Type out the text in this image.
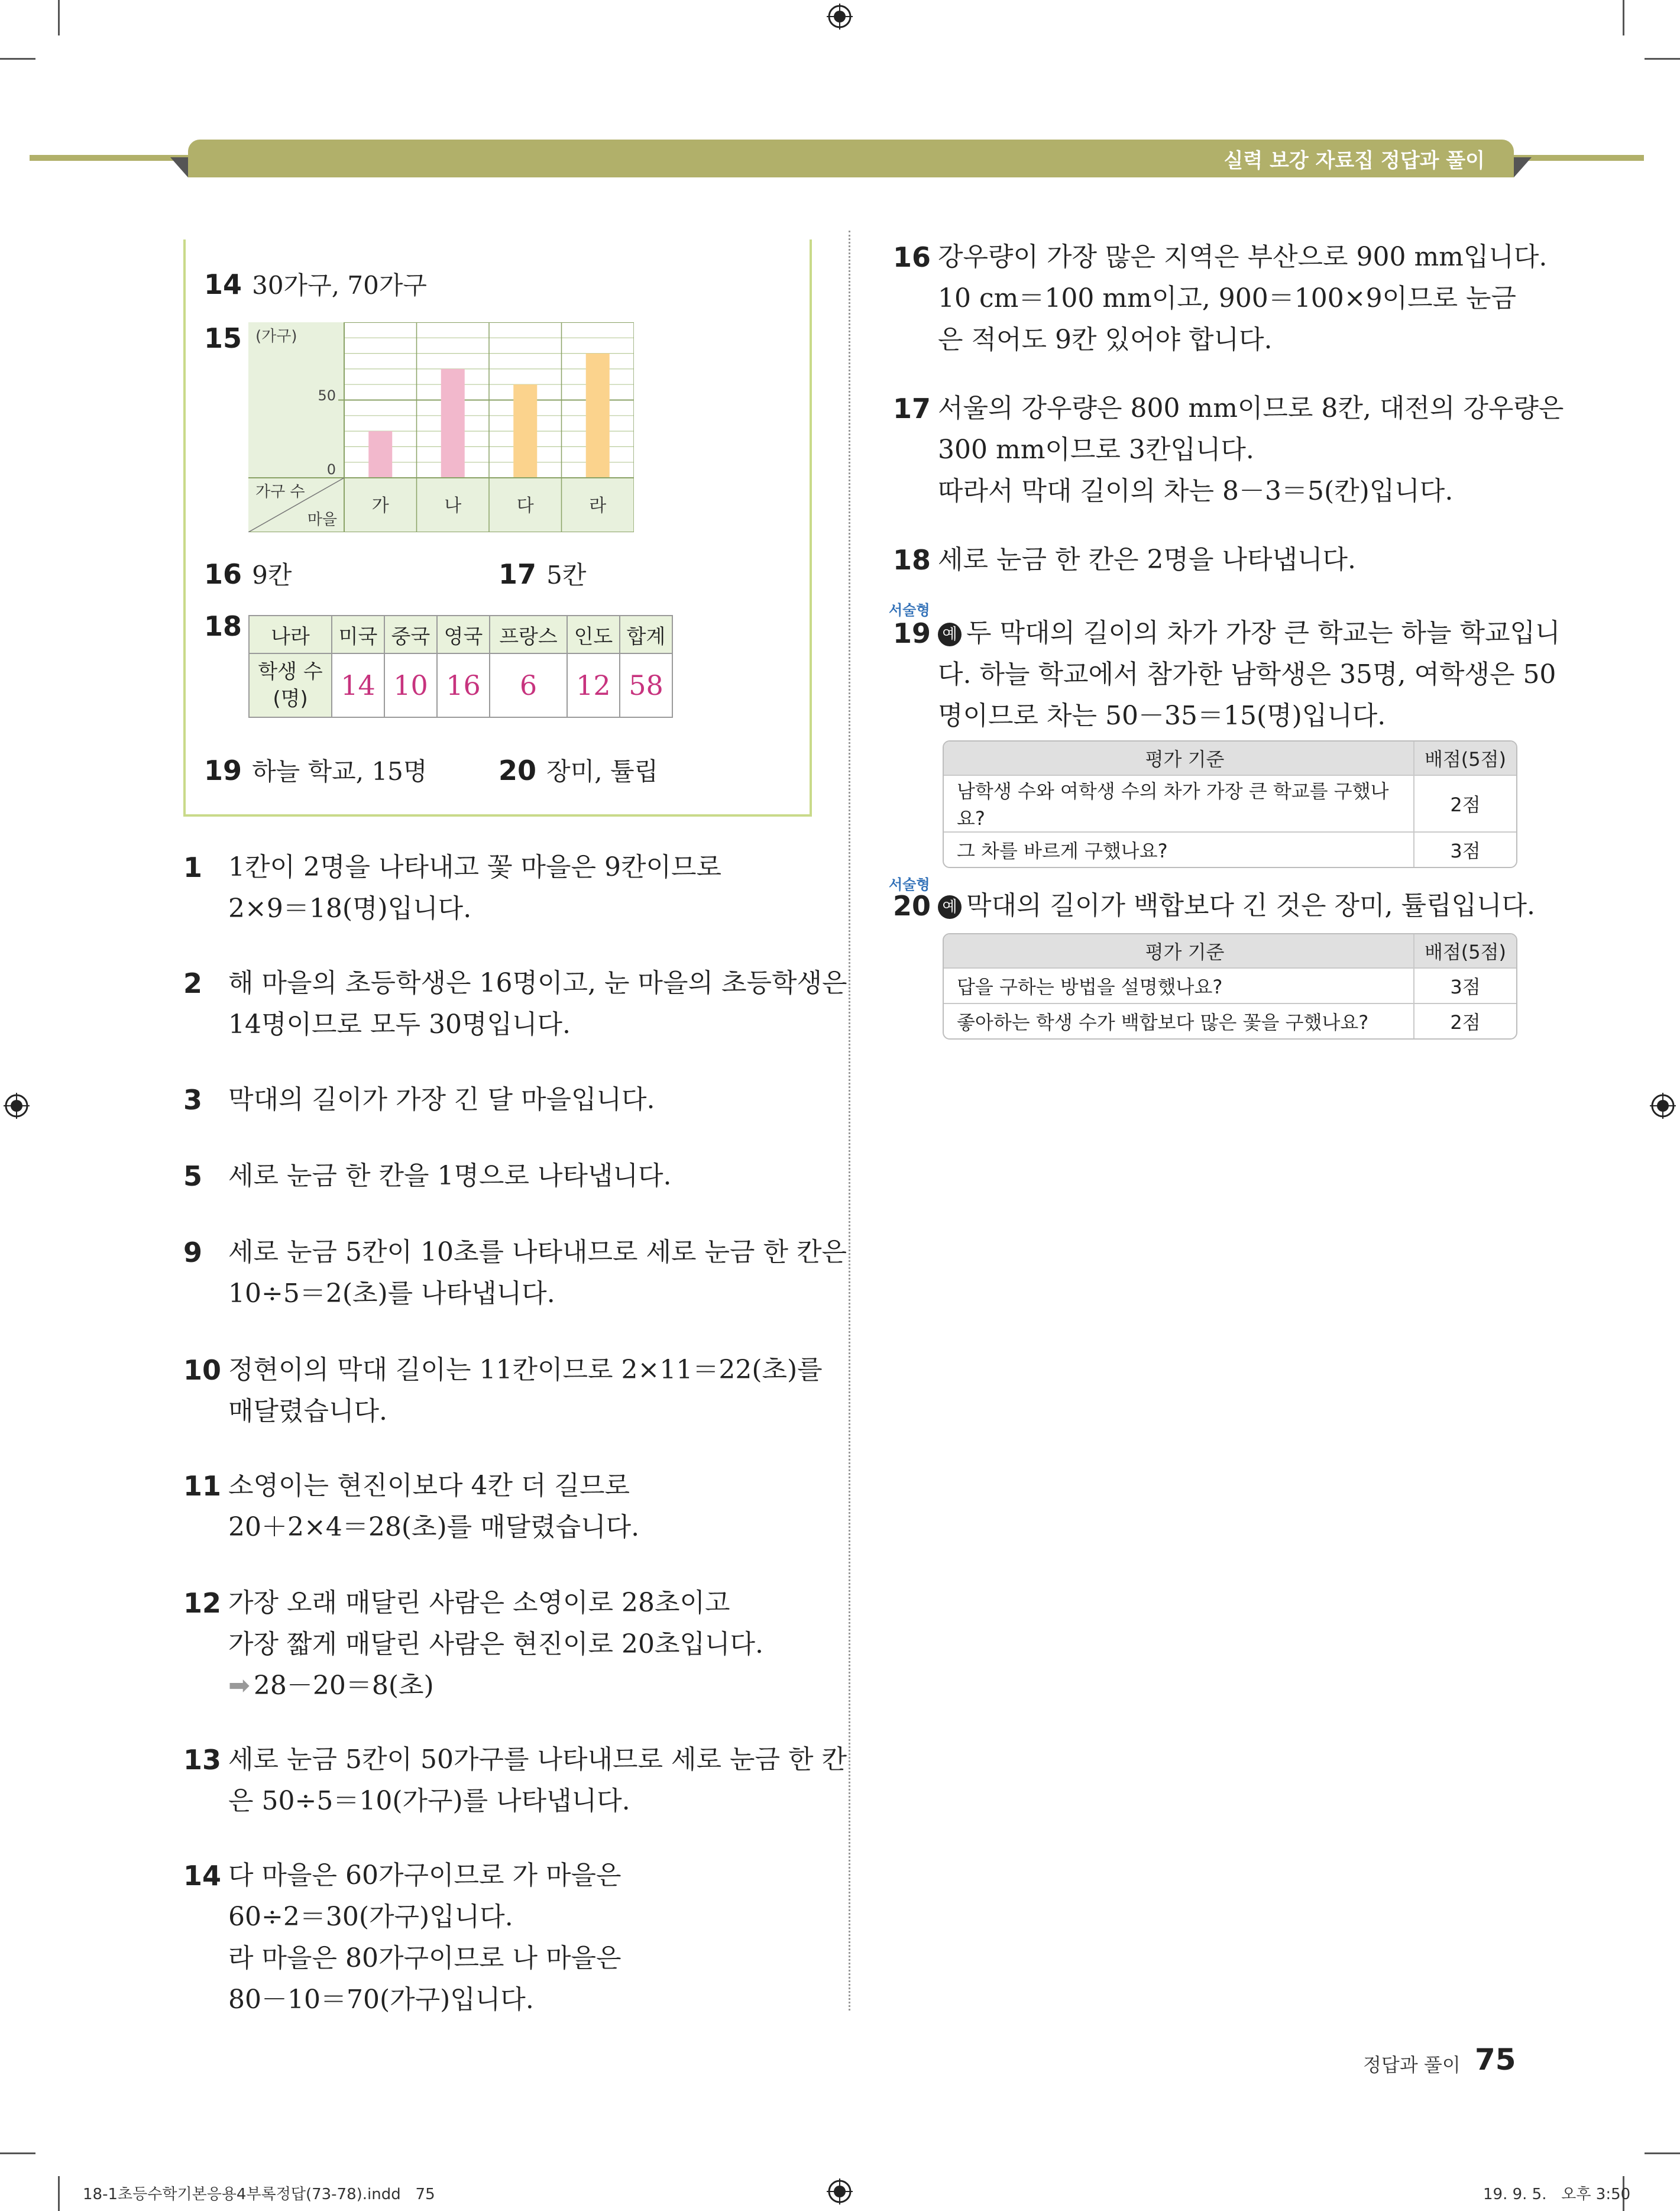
실력 보강 자료집 정답과 풀이
14 30가구, 70가구
15 (가구)
50
0
가구 수
마을
가	나	다	라
16 9칸	17 5칸
18 나라	미국	중국	영국	프랑스	인도	합계
학생 수
(명)	14	10	16	6	12	58
19 하늘 학교, 15명	20 장미, 튤립
1 1칸이 2명을 나타내고 꽃 마을은 9칸이므로
2×9＝18(명)입니다.
2 해 마을의 초등학생은 16명이고, 눈 마을의 초등학생은
14명이므로 모두 30명입니다.
3 막대의 길이가 가장 긴 달 마을입니다.
5 세로 눈금 한 칸을 1명으로 나타냅니다.
9 세로 눈금 5칸이 10초를 나타내므로 세로 눈금 한 칸은
10÷5＝2(초)를 나타냅니다.
10 정현이의 막대 길이는 11칸이므로 2×11＝22(초)를
매달렸습니다.
11 소영이는 현진이보다 4칸 더 길므로
20＋2×4＝28(초)를 매달렸습니다.
12 가장 오래 매달린 사람은 소영이로 28초이고
가장 짧게 매달린 사람은 현진이로 20초입니다.
➡ 28－20＝8(초)
13 세로 눈금 5칸이 50가구를 나타내므로 세로 눈금 한 칸
은 50÷5＝10(가구)를 나타냅니다.
14 다 마을은 60가구이므로 가 마을은
60÷2＝30(가구)입니다.
라 마을은 80가구이므로 나 마을은
80－10＝70(가구)입니다.
16 강우량이 가장 많은 지역은 부산으로 900 mm입니다.
10 cm＝100 mm이고, 900＝100×9이므로 눈금
은 적어도 9칸 있어야 합니다.
17 서울의 강우량은 800 mm이므로 8칸, 대전의 강우량은
300 mm이므로 3칸입니다.
따라서 막대 길이의 차는 8－3＝5(칸)입니다.
18 세로 눈금 한 칸은 2명을 나타냅니다.
서술형
19 예 두 막대의 길이의 차가 가장 큰 학교는 하늘 학교입니
다. 하늘 학교에서 참가한 남학생은 35명, 여학생은 50
명이므로 차는 50－35＝15(명)입니다.
평가 기준	배점(5점)
남학생 수와 여학생 수의 차가 가장 큰 학교를 구했나요?	2점
그 차를 바르게 구했나요?	3점
서술형
20 예 막대의 길이가 백합보다 긴 것은 장미, 튤립입니다.
평가 기준	배점(5점)
답을 구하는 방법을 설명했나요?	3점
좋아하는 학생 수가 백합보다 많은 꽃을 구했나요?	2점
정답과 풀이 75
18-1초등수학기본응용4부록정답(73-78).indd   75	19. 9. 5.   오후 3:50
